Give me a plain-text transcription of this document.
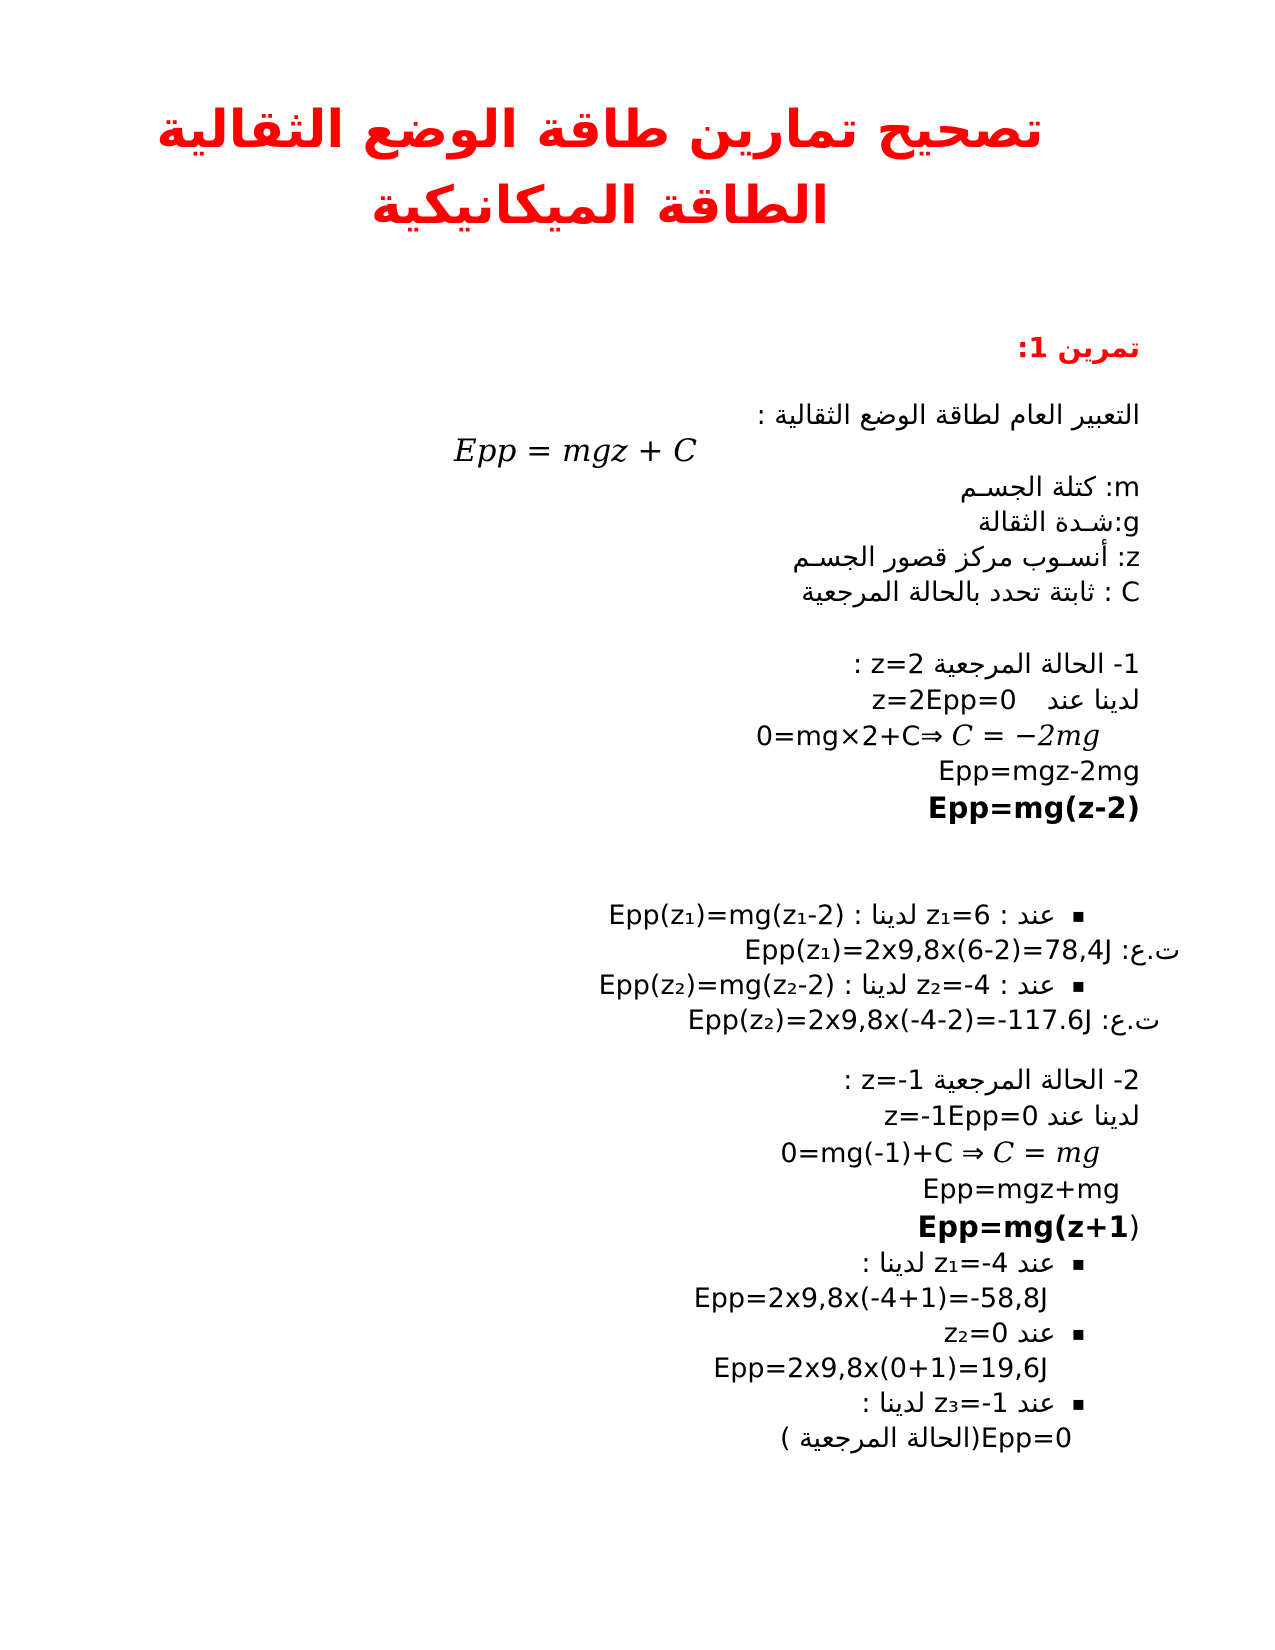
تصحيح تمارين طاقة الوضع الثقالية
الطاقة الميكانيكية
تمرين 1:
التعبير العام لطاقة الوضع الثقالية :
Epp = mgz + C
m: كتلة الجسـم
g:شـدة الثقالة
z: أنسـوب مركز قصور الجسـم
C : ثابتة تحدد بالحالة المرجعية
1- الحالة المرجعية z=2 :
لدينا عندz=2Epp=0
0=mg×2+C⇒ C = −2mg
Epp=mgz-2mg
Epp=mg(z-2)
▪عند : z₁=6 لدينا : Epp(z₁)=mg(z₁-2)
ت.ع: Epp(z₁)=2x9,8x(6-2)=78,4J
▪عند : z₂=-4 لدينا : Epp(z₂)=mg(z₂-2)
ت.ع: Epp(z₂)=2x9,8x(-4-2)=-117.6J
2- الحالة المرجعية z=-1 :
لدينا عندz=-1Epp=0
0=mg(-1)+C ⇒ C = mg
Epp=mgz+mg
Epp=mg(z+1)
▪عند z₁=-4 لدينا :
Epp=2x9,8x(-4+1)=-58,8J
▪عند z₂=0
Epp=2x9,8x(0+1)=19,6J
▪عند z₃=-1 لدينا :
Epp=0(الحالة المرجعية )
